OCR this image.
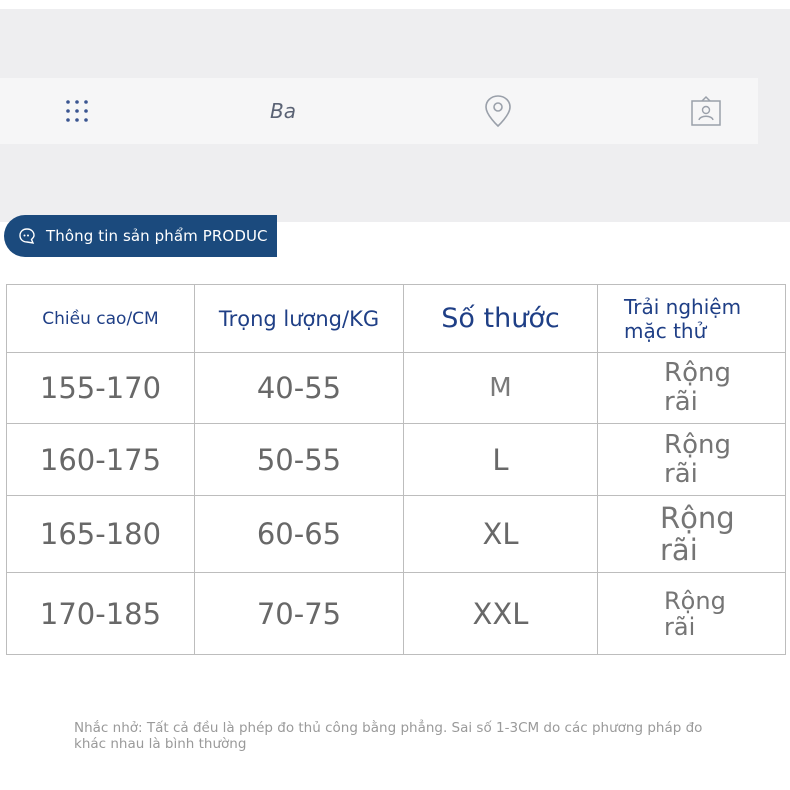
Ba
Thông tin sản phẩm PRODUC
Chiều cao/CM	Trọng lượng/KG	Số thước	Trải nghiệm mặc thử

155-170	40-55	M	Rộng rãi

160-175	50-55	L	Rộng rãi

165-180	60-65	XL	Rộng rãi

170-185	70-75	XXL	Rộng rãi
Nhắc nhở: Tất cả đều là phép đo thủ công bằng phẳng. Sai số 1-3CM do các phương pháp đo khác nhau là bình thường
